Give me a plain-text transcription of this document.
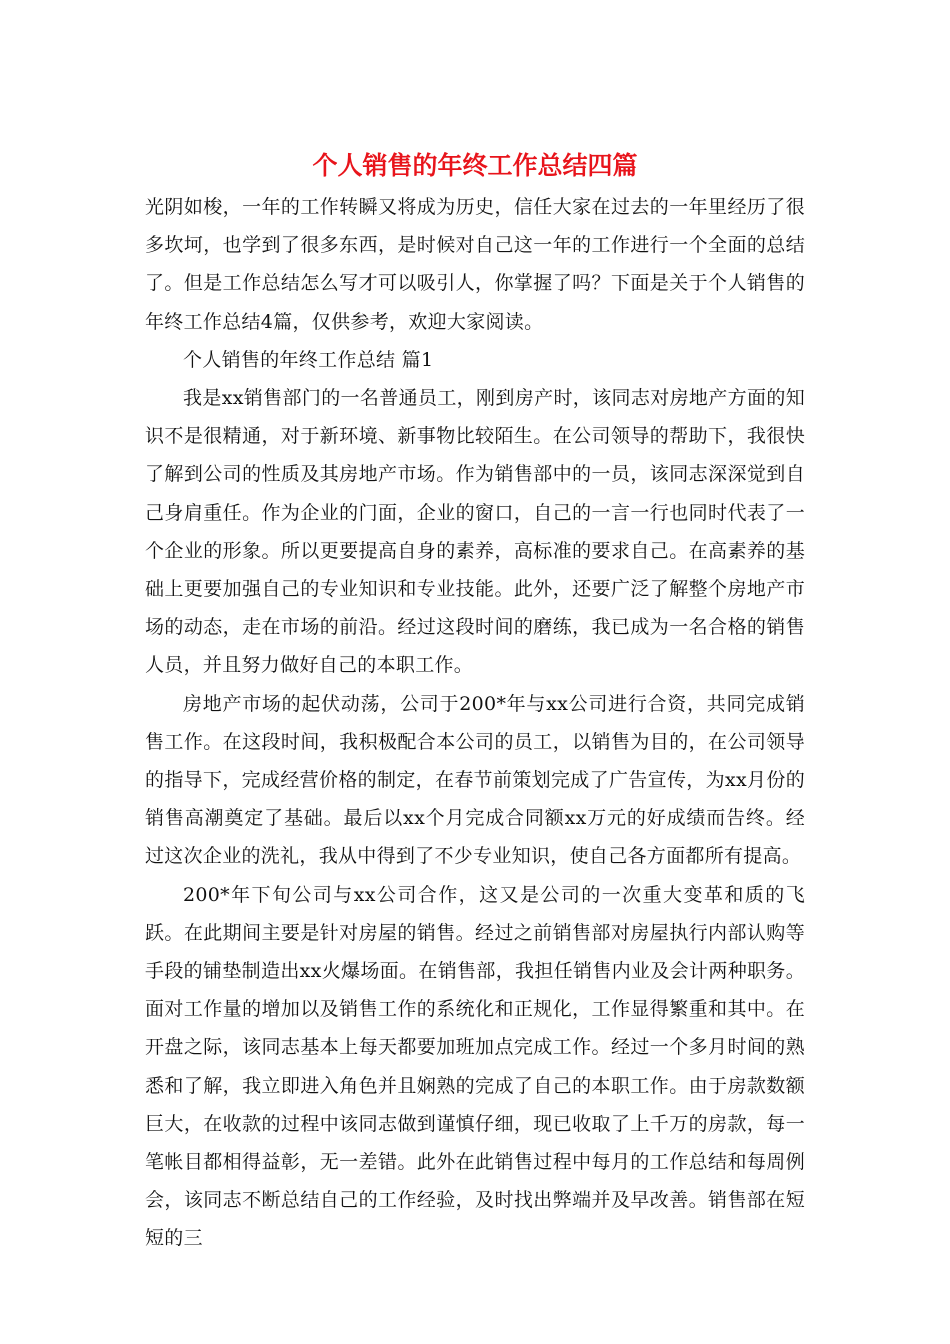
个人销售的年终工作总结四篇

光阴如梭，一年的工作转瞬又将成为历史，信任大家在过去的一年里经历了很多坎坷，也学到了很多东西，是时候对自己这一年的工作进行一个全面的总结了。但是工作总结怎么写才可以吸引人，你掌握了吗？下面是关于个人销售的年终工作总结4篇，仅供参考，欢迎大家阅读。

个人销售的年终工作总结 篇1

我是xx销售部门的一名普通员工，刚到房产时，该同志对房地产方面的知识不是很精通，对于新环境、新事物比较陌生。在公司领导的帮助下，我很快了解到公司的性质及其房地产市场。作为销售部中的一员，该同志深深觉到自己身肩重任。作为企业的门面，企业的窗口，自己的一言一行也同时代表了一个企业的形象。所以更要提高自身的素养，高标准的要求自己。在高素养的基础上更要加强自己的专业知识和专业技能。此外，还要广泛了解整个房地产市场的动态，走在市场的前沿。经过这段时间的磨练，我已成为一名合格的销售人员，并且努力做好自己的本职工作。

房地产市场的起伏动荡，公司于200*年与xx公司进行合资，共同完成销售工作。在这段时间，我积极配合本公司的员工，以销售为目的，在公司领导的指导下，完成经营价格的制定，在春节前策划完成了广告宣传，为xx月份的销售高潮奠定了基础。最后以xx个月完成合同额xx万元的好成绩而告终。经过这次企业的洗礼，我从中得到了不少专业知识，使自己各方面都所有提高。

200*年下旬公司与xx公司合作，这又是公司的一次重大变革和质的飞跃。在此期间主要是针对房屋的销售。经过之前销售部对房屋执行内部认购等手段的铺垫制造出xx火爆场面。在销售部，我担任销售内业及会计两种职务。面对工作量的增加以及销售工作的系统化和正规化，工作显得繁重和其中。在开盘之际，该同志基本上每天都要加班加点完成工作。经过一个多月时间的熟悉和了解，我立即进入角色并且娴熟的完成了自己的本职工作。由于房款数额巨大，在收款的过程中该同志做到谨慎仔细，现已收取了上千万的房款，每一笔帐目都相得益彰，无一差错。此外在此销售过程中每月的工作总结和每周例会，该同志不断总结自己的工作经验，及时找出弊端并及早改善。销售部在短短的三
